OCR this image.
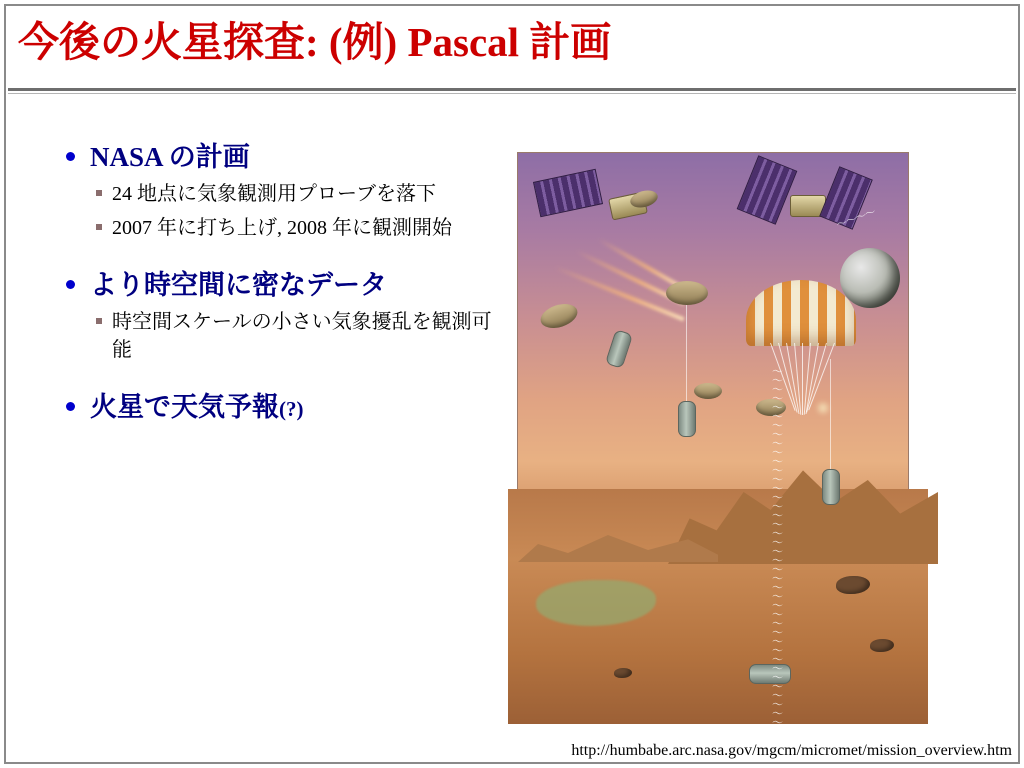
今後の火星探査: (例) Pascal 計画
NASA の計画
24 地点に気象観測用プローブを落下
2007 年に打ち上げ, 2008 年に観測開始
より時空間に密なデータ
時空間スケールの小さい気象擾乱を観測可能
火星で天気予報(?)
〜〜〜〜
〜
〜
〜
〜
〜
〜
〜
〜
〜
〜
〜
〜
〜
〜
〜
〜
〜
〜
〜
〜
〜
〜
〜
〜
〜
〜
〜
〜
〜
〜
〜
〜
〜
〜
〜
〜
〜
〜
〜
〜
http://humbabe.arc.nasa.gov/mgcm/micromet/mission_overview.htm
